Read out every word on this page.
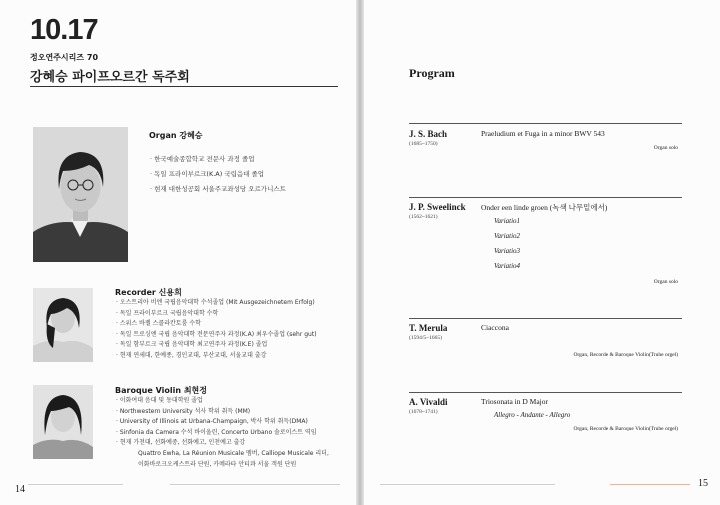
10.17
정오연주시리즈 70
강혜승 파이프오르간 독주회
Organ 강혜승
· 한국예술종합학교 전문사 과정 졸업
· 독일 프라이부르크(K.A) 국립음대 졸업
· 현재 대한성공회 서울주교좌성당 오르가니스트
Recorder 신용희
· 오스트리아 비엔 국립음악대학 수석졸업 (Mit Ausgezeichnetem Erfolg)
· 독일 프라이부르크 국립음악대학 수학
· 스위스 바젤 스콜라칸토룸 수학
· 독일 트로싱엔 국립 음악대학 전문연주자 과정(K.A) 최우수졸업 (sehr gut)
· 독일 함부르크 국립 음악대학 최고연주자 과정(K.E) 졸업
· 현재 연세대, 한예종, 경인교대, 부산교대, 서울교대 출강
Baroque Violin 최현정
· 이화여대 음대 및 동대학원 졸업
· Northwestern University 석사 학위 취득 (MM)
· University of Illinois at Urbana-Champaign, 박사 학위 취득(DMA)
· Sinfonia da Camera 수석 바이올린, Concerto Urbano 솔로이스트 역임
· 현재 가천대, 선화예중, 선화예고, 인천예고 출강
Quattro Ewha, La Réunion Musicale 멤버, Calliope Musicale 리더,
이화바로크오케스트라 단원, 카메라타 안티콰 서울 객원 단원
14
Program
J. S. Bach
(1685~1750)
Praeludium et Fuga in a minor BWV 543
Organ solo
J. P. Sweelinck
(1562~1621)
Onder een linde groen (녹색 나무밑에서)
Variatio1
Variatio2
Variatio3
Variatio4
Organ solo
T. Merula
(1594/5~1665)
Ciaccona
Organ, Recorde & Baroque Violin(Truhe orgel)
A. Vivaldi
(1678~1741)
Triosonata in D Major
Allegro - Andante - Allegro
Organ, Recorde & Baroque Violin(Truhe orgel)
15
